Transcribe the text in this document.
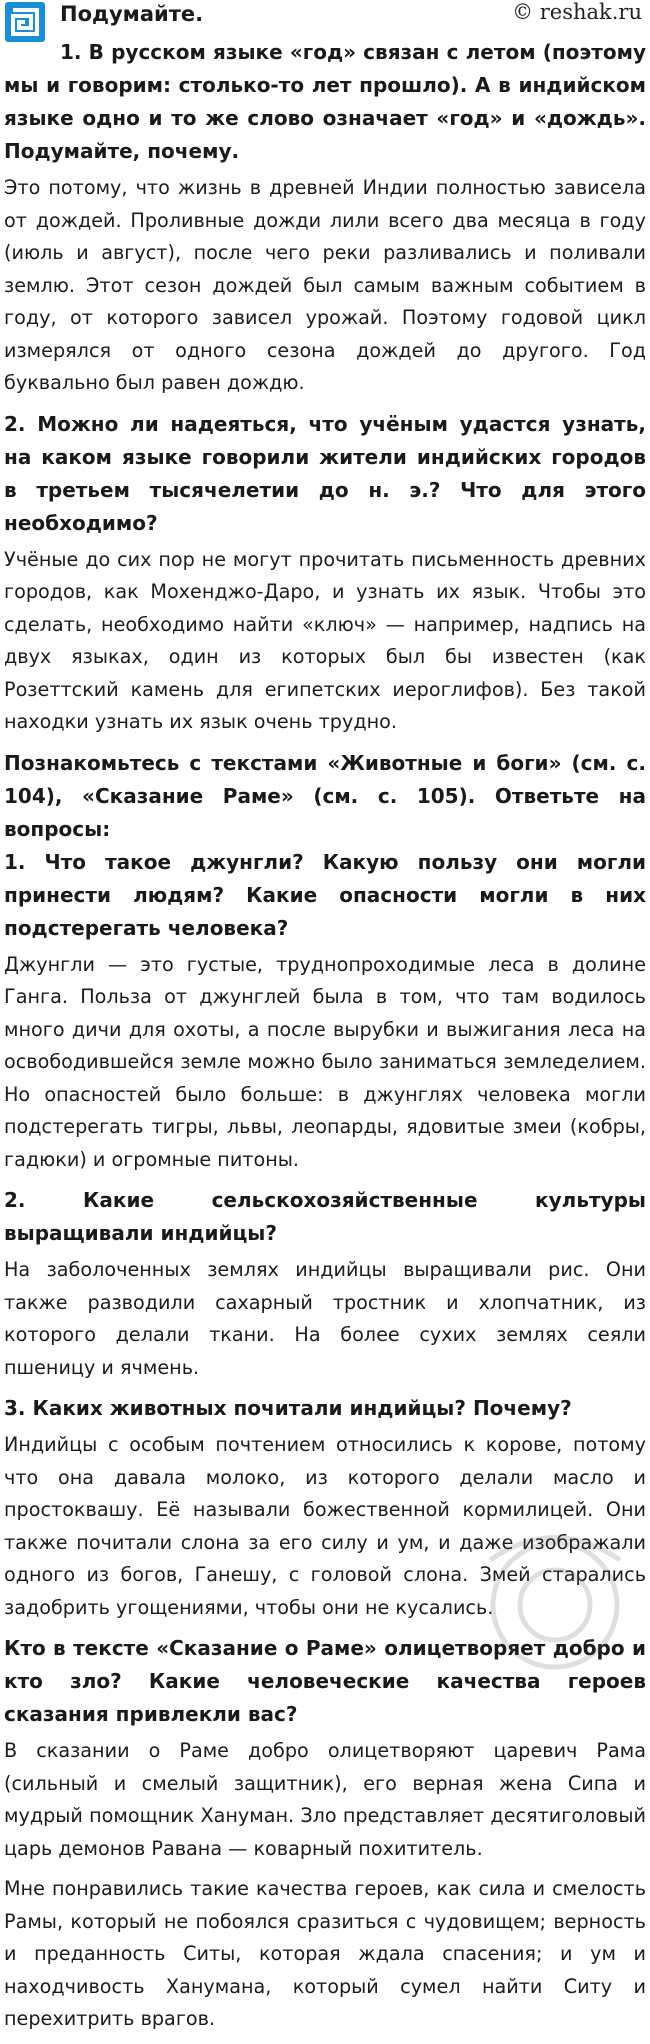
Подумайте.	© reshak.ru

1. В русском языке «год» связан с летом (поэтому мы и говорим: столько-то лет прошло). А в индийском языке одно и то же слово означает «год» и «дождь». Подумайте, почему.

Это потому, что жизнь в древней Индии полностью зависела от дождей. Проливные дожди лили всего два месяца в году (июль и август), после чего реки разливались и поливали землю. Этот сезон дождей был самым важным событием в году, от которого зависел урожай. Поэтому годовой цикл измерялся от одного сезона дождей до другого. Год буквально был равен дождю.

2. Можно ли надеяться, что учёным удастся узнать, на каком языке говорили жители индийских городов в третьем тысячелетии до н. э.? Что для этого необходимо?

Учёные до сих пор не могут прочитать письменность древних городов, как Мохенджо-Даро, и узнать их язык. Чтобы это сделать, необходимо найти «ключ» — например, надпись на двух языках, один из которых был бы известен (как Розеттский камень для египетских иероглифов). Без такой находки узнать их язык очень трудно.

Познакомьтесь с текстами «Животные и боги» (см. с. 104), «Сказание Раме» (см. с. 105). Ответьте на вопросы:

1. Что такое джунгли? Какую пользу они могли принести людям? Какие опасности могли в них подстерегать человека?

Джунгли — это густые, труднопроходимые леса в долине Ганга. Польза от джунглей была в том, что там водилось много дичи для охоты, а после вырубки и выжигания леса на освободившейся земле можно было заниматься земледелием. Но опасностей было больше: в джунглях человека могли подстерегать тигры, львы, леопарды, ядовитые змеи (кобры, гадюки) и огромные питоны.

2. Какие сельскохозяйственные культуры выращивали индийцы?

На заболоченных землях индийцы выращивали рис. Они также разводили сахарный тростник и хлопчатник, из которого делали ткани. На более сухих землях сеяли пшеницу и ячмень.

3. Каких животных почитали индийцы? Почему?

Индийцы с особым почтением относились к корове, потому что она давала молоко, из которого делали масло и простоквашу. Её называли божественной кормилицей. Они также почитали слона за его силу и ум, и даже изображали одного из богов, Ганешу, с головой слона. Змей старались задобрить угощениями, чтобы они не кусались.

Кто в тексте «Сказание о Раме» олицетворяет добро и кто зло? Какие человеческие качества героев сказания привлекли вас?

В сказании о Раме добро олицетворяют царевич Рама (сильный и смелый защитник), его верная жена Сипа и мудрый помощник Хануман. Зло представляет десятиголовый царь демонов Равана — коварный похититель.

Мне понравились такие качества героев, как сила и смелость Рамы, который не побоялся сразиться с чудовищем; верность и преданность Ситы, которая ждала спасения; и ум и находчивость Ханумана, который сумел найти Ситу и перехитрить врагов.
